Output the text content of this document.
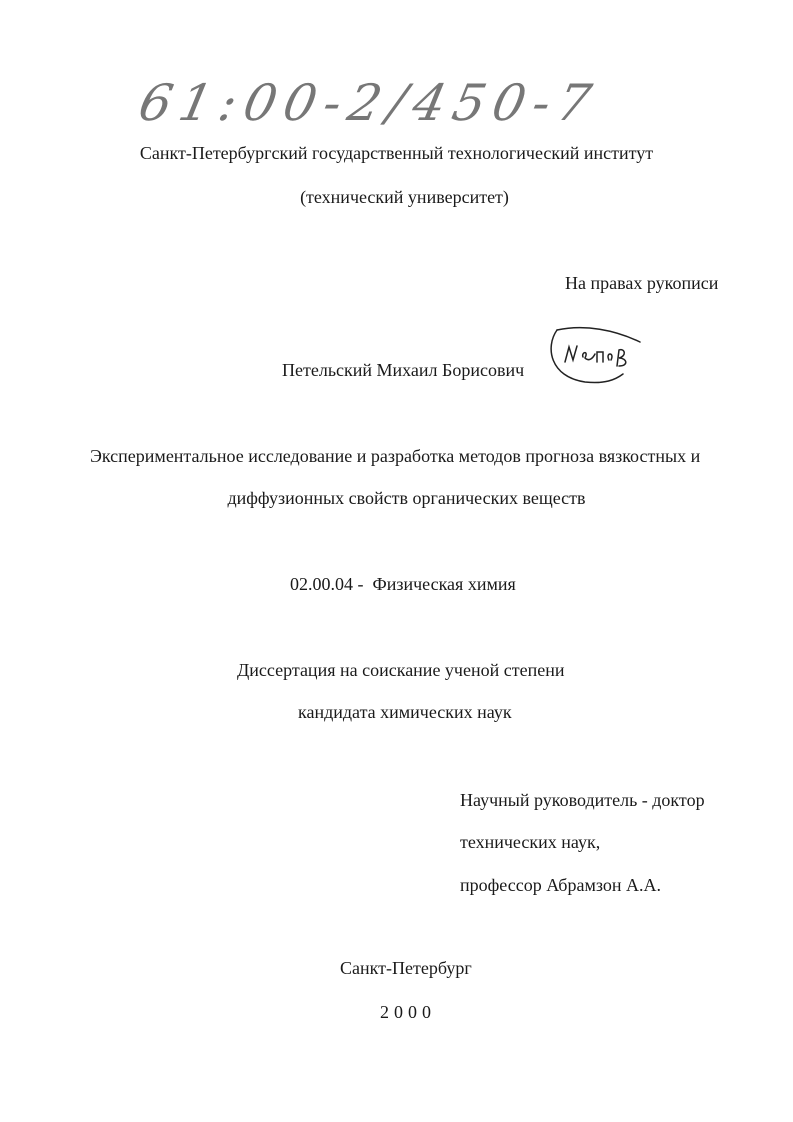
61:00-2/450-7
Санкт-Петербургский государственный технологический институт
(технический университет)
На правах рукописи
Петельский Михаил Борисович
Экспериментальное исследование и разработка методов прогноза вязкостных и
диффузионных свойств органических веществ
02.00.04 - Физическая химия
Диссертация на соискание ученой степени
кандидата химических наук
Научный руководитель - доктор
технических наук,
профессор Абрамзон А.А.
Санкт-Петербург
2000
